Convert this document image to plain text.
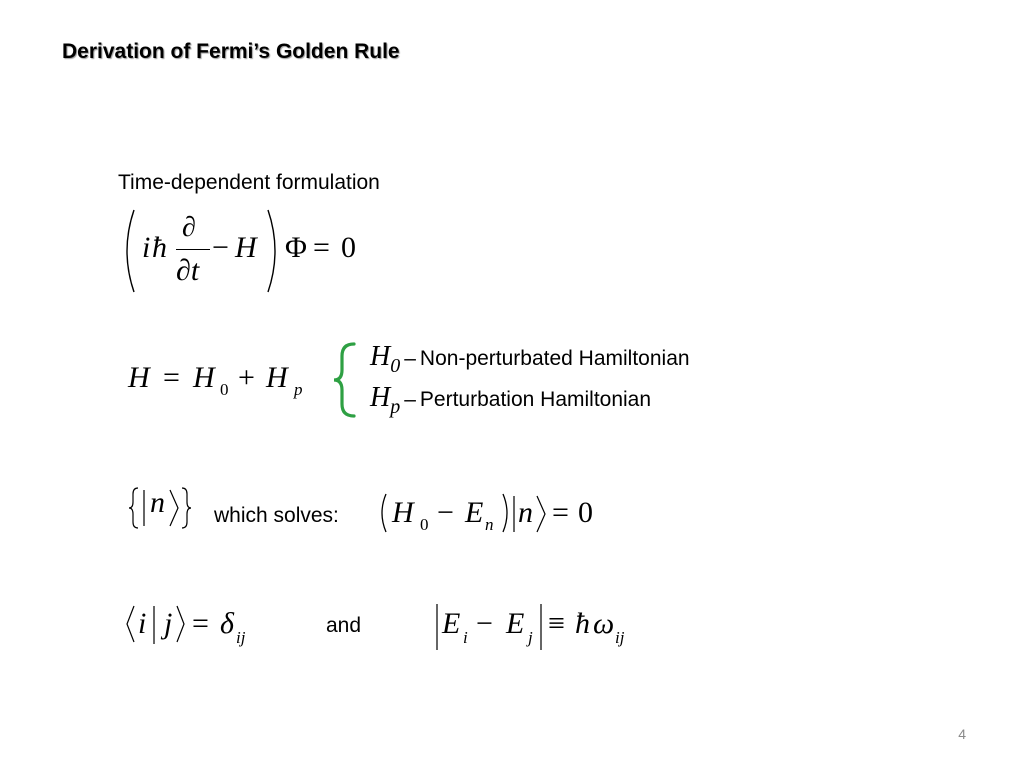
Derivation of Fermi’s Golden Rule
Time-dependent formulation
i ħ
∂
∂t
− H Φ = 0
H = H 0 + H p
H0 – Non-perturbated Hamiltonian
Hp – Perturbation Hamiltonian
n which solves: H 0 − E n n = 0
i j = δ ij
and	E i − E j ≡ ħ ω ij
4
